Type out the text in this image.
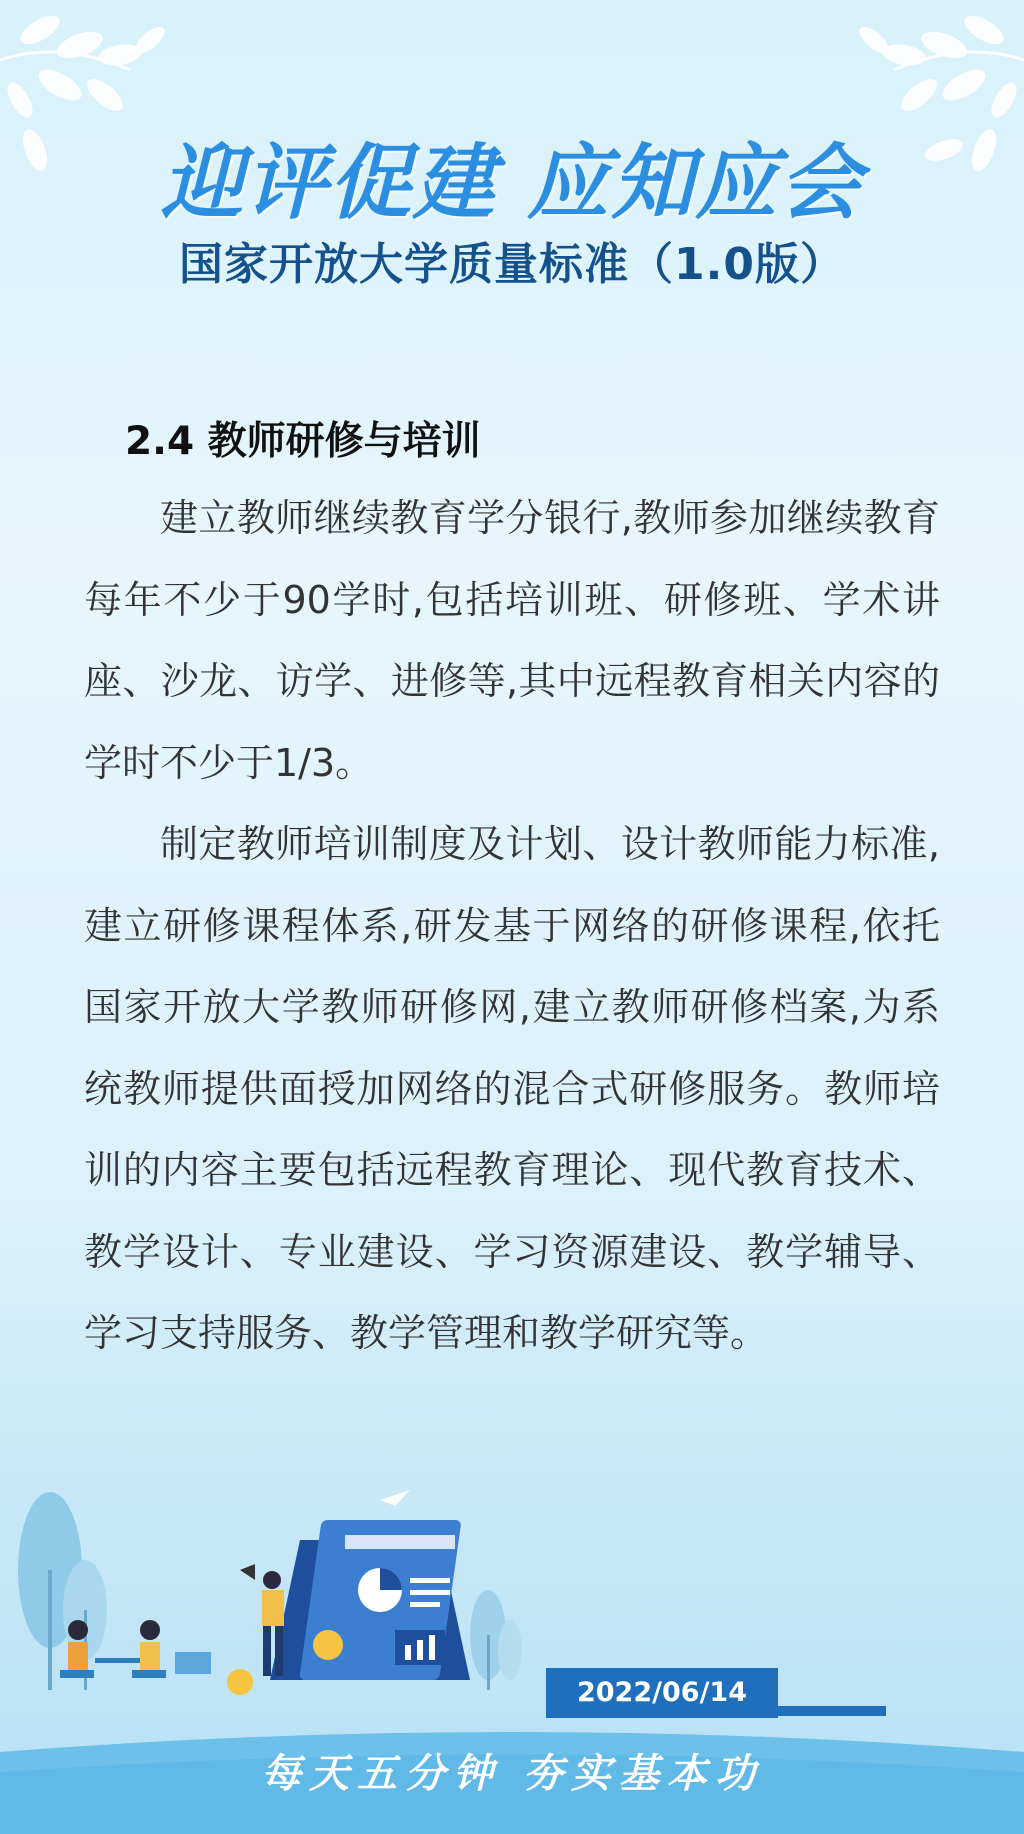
迎评促建 应知应会
国家开放大学质量标准（1.0版）
2.4 教师研修与培训

建立教师继续教育学分银行,教师参加继续教育每年不少于90学时,包括培训班、研修班、学术讲座、沙龙、访学、进修等,其中远程教育相关内容的学时不少于1/3。

制定教师培训制度及计划、设计教师能力标准,建立研修课程体系,研发基于网络的研修课程,依托国家开放大学教师研修网,建立教师研修档案,为系统教师提供面授加网络的混合式研修服务。教师培训的内容主要包括远程教育理论、现代教育技术、教学设计、专业建设、学习资源建设、教学辅导、学习支持服务、教学管理和教学研究等。

2022/06/14
每天五分钟 夯实基本功
